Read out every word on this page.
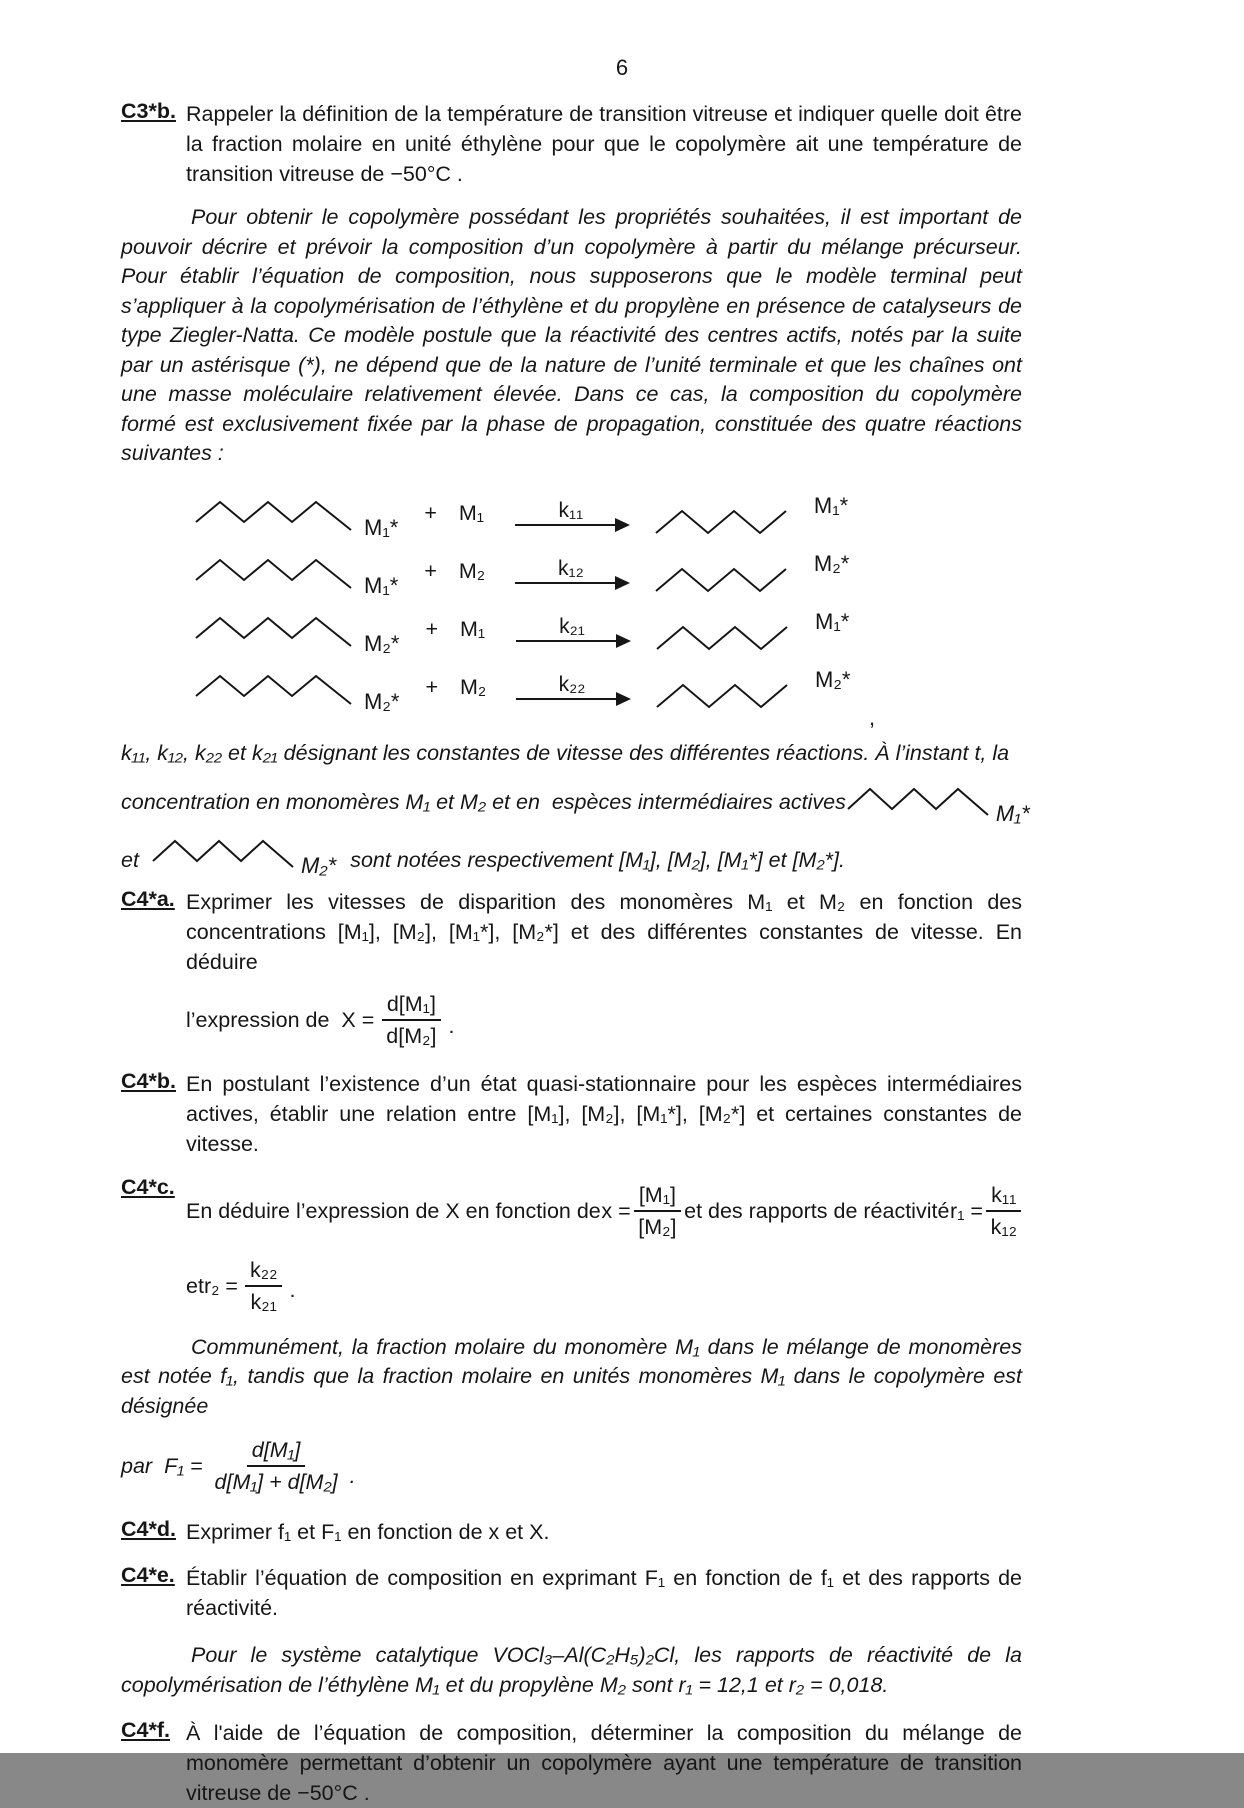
6
C3*b. Rappeler la définition de la température de transition vitreuse et indiquer quelle doit être la fraction molaire en unité éthylène pour que le copolymère ait une température de transition vitreuse de −50°C .
Pour obtenir le copolymère possédant les propriétés souhaitées, il est important de pouvoir décrire et prévoir la composition d’un copolymère à partir du mélange précurseur. Pour établir l’équation de composition, nous supposerons que le modèle terminal peut s’appliquer à la copolymérisation de l’éthylène et du propylène en présence de catalyseurs de type Ziegler-Natta. Ce modèle postule que la réactivité des centres actifs, notés par la suite par un astérisque (*), ne dépend que de la nature de l’unité terminale et que les chaînes ont une masse moléculaire relativement élevée. Dans ce cas, la composition du copolymère formé est exclusivement fixée par la phase de propagation, constituée des quatre réactions suivantes :
M₁*
+ M₁	k₁₁	M₁*
M₁*
+ M₂	k₁₂	M₂*
M₂*
+ M₁	k₂₁	M₁*
M₂*
+ M₂	k₂₂	M₂*
,
k₁₁, k₁₂, k₂₂ et k₂₁ désignant les constantes de vitesse des différentes réactions. À l’instant t, la
concentration en monomères M₁ et M₂ et en  espèces intermédiaires actives	M₁*
et	M₂* sont notées respectivement [M₁], [M₂], [M₁*] et [M₂*].
C4*a. Exprimer les vitesses de disparition des monomères M₁ et M₂ en fonction des concentrations [M₁], [M₂], [M₁*], [M₂*] et des différentes constantes de vitesse. En déduire
l’expression de $X = \frac{\text{d[M₁]}}{\text{d[M₂]}}$ .
C4*b. En postulant l’existence d’un état quasi-stationnaire pour les espèces intermédiaires actives, établir une relation entre [M₁], [M₂], [M₁*], [M₂*] et certaines constantes de vitesse.
C4*c.
En déduire l’expression de X en fonction de $x = \frac{\text{[M₁]}}{\text{[M₂]}}$ et des rapports de réactivité $r_1 = \frac{\text{k₁₁}}{\text{k₁₂}}$
et $r_2 = \frac{\text{k₂₂}}{\text{k₂₁}}$ .
Communément, la fraction molaire du monomère M₁ dans le mélange de monomères est notée f₁, tandis que la fraction molaire en unités monomères M₁ dans le copolymère est désignée
par $F_1 = \frac{\text{d[M₁]}}{\text{d[M₁] + d[M₂]}}$ .
C4*d. Exprimer f₁ et F₁ en fonction de x et X.
C4*e. Établir l’équation de composition en exprimant F₁ en fonction de f₁ et des rapports de réactivité.
Pour le système catalytique VOCl₃–Al(C₂H₅)₂Cl, les rapports de réactivité de la copolymérisation de l’éthylène M₁ et du propylène M₂ sont r₁ = 12,1 et r₂ = 0,018.
C4*f. À l'aide de l’équation de composition, déterminer la composition du mélange de monomère permettant d’obtenir un copolymère ayant une température de transition vitreuse de −50°C .
